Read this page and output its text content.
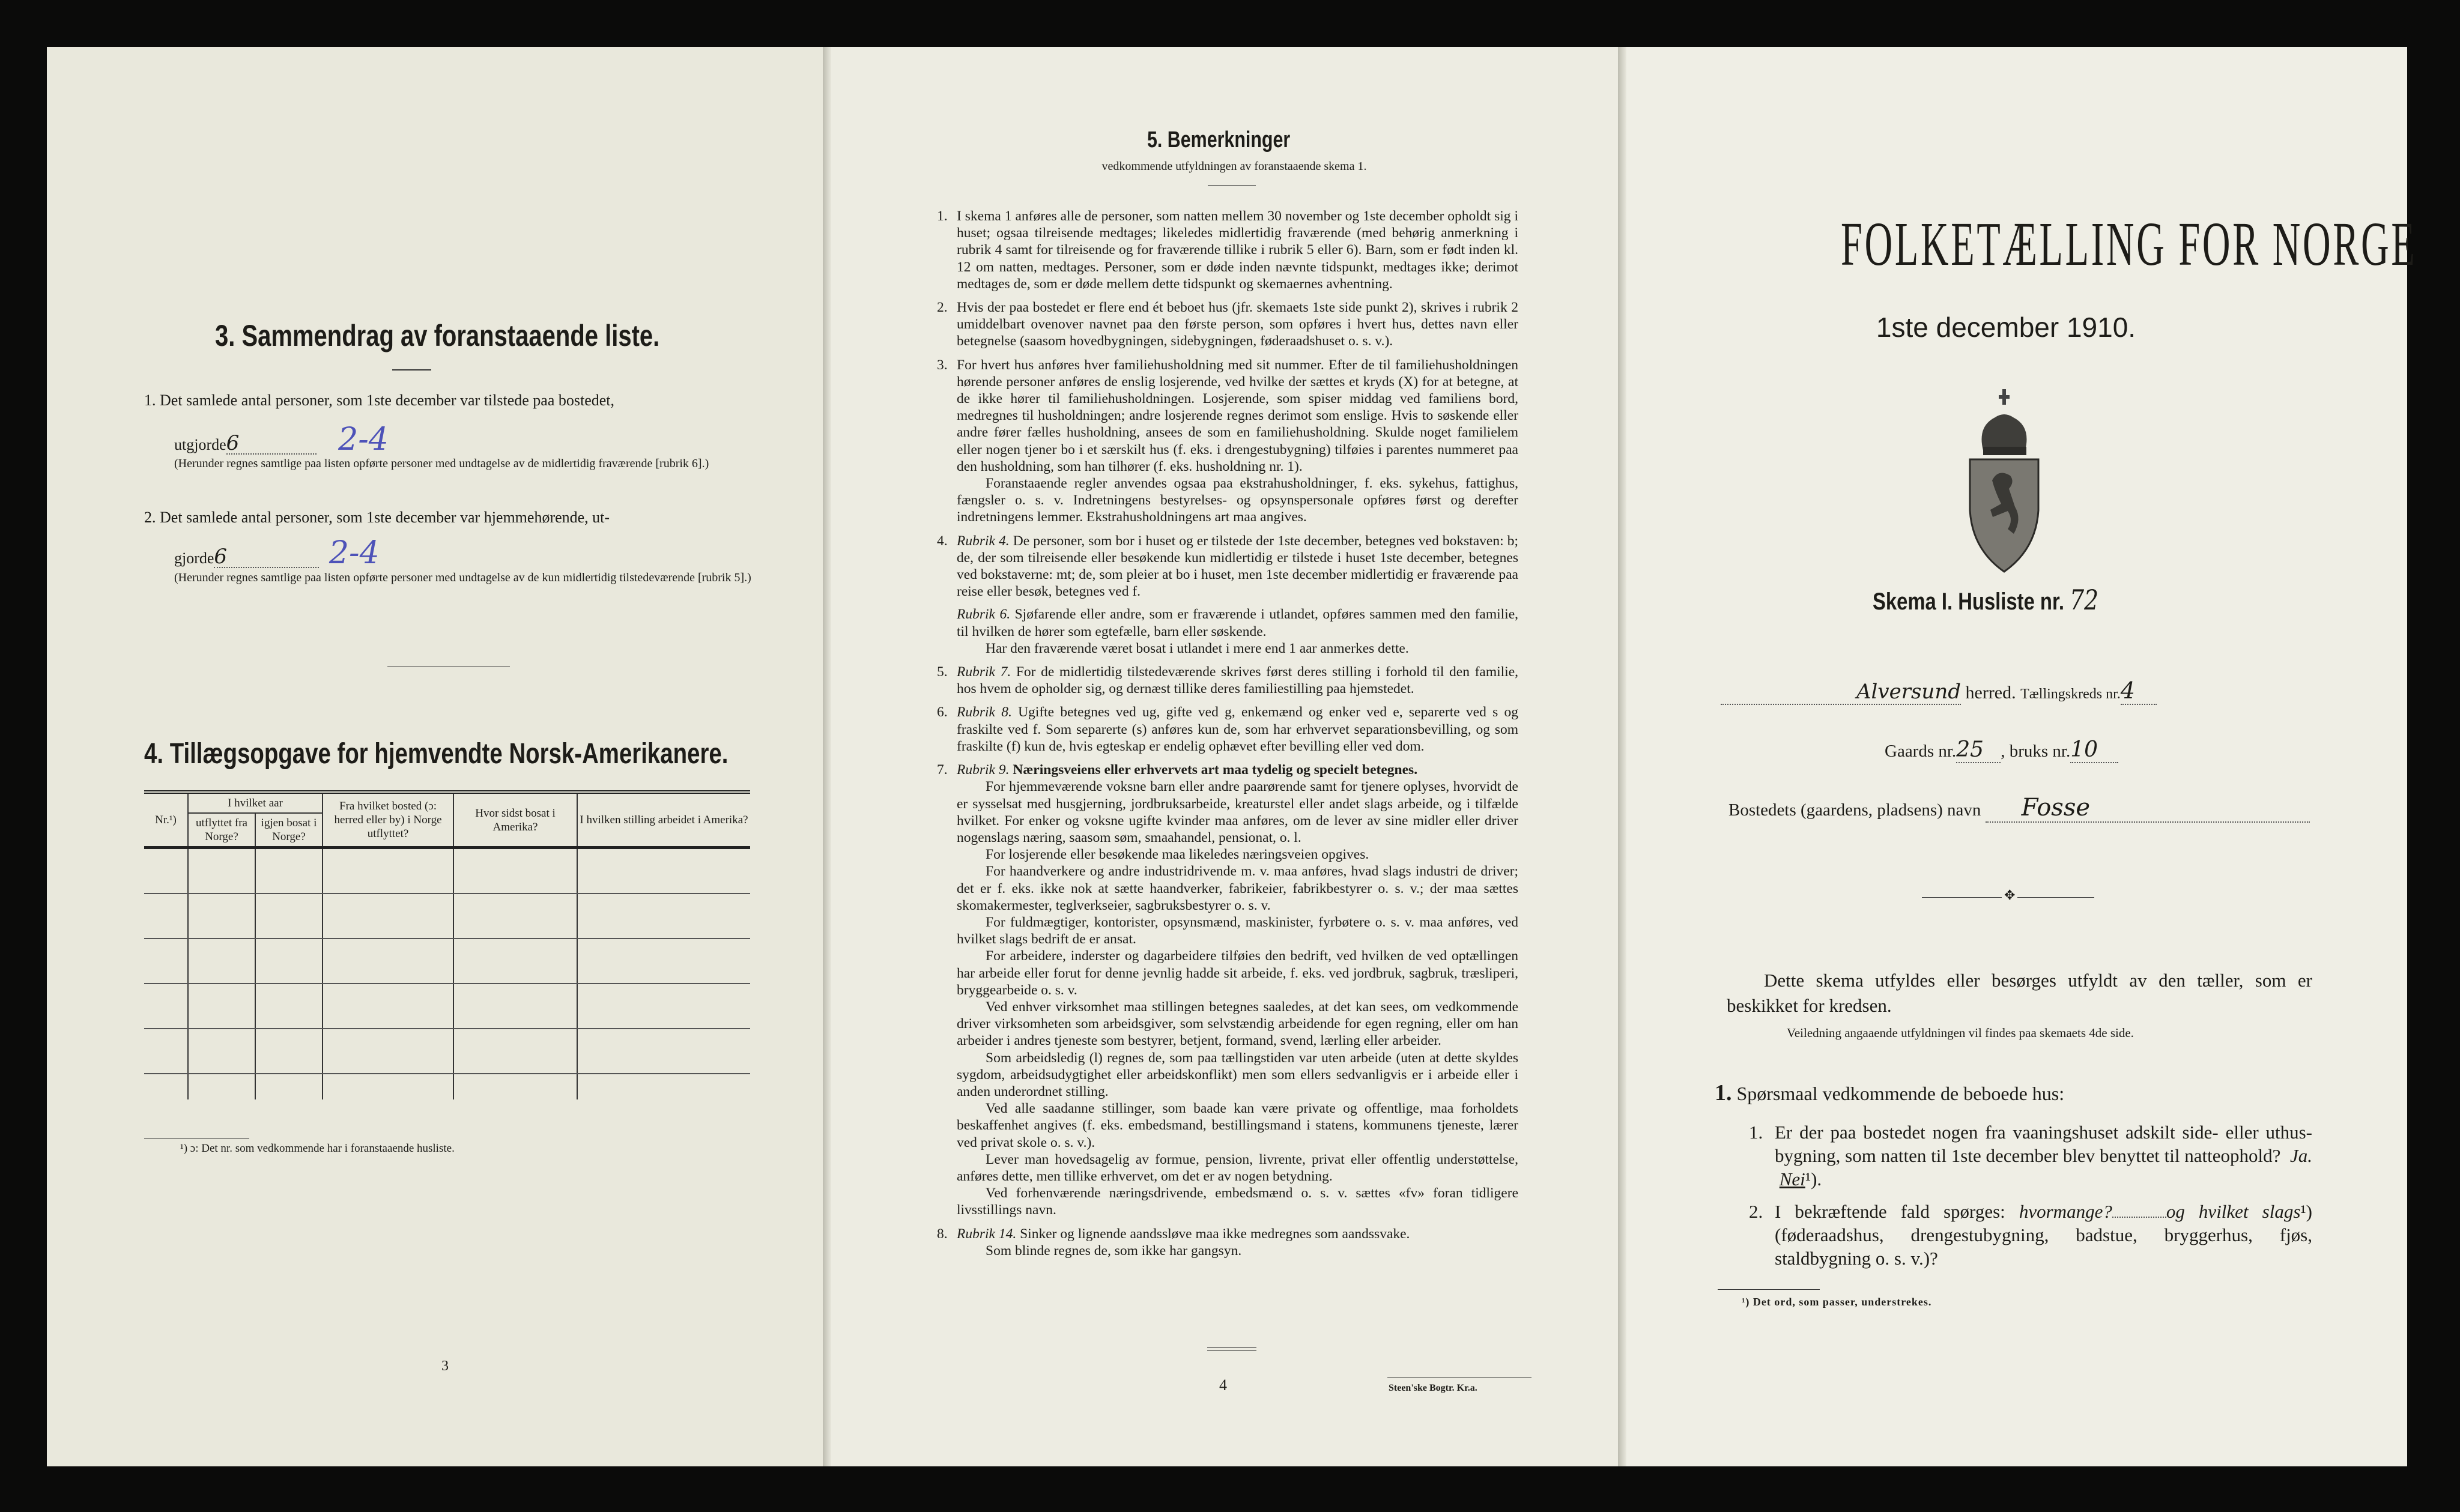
3. Sammendrag av foranstaaende liste.
1. Det samlede antal personer, som 1ste december var tilstede paa bostedet,
utgjorde6	2-4
(Herunder regnes samtlige paa listen opførte personer med undtagelse av de midlertidig fraværende [rubrik 6].)
2. Det samlede antal personer, som 1ste december var hjemmehørende, ut-
gjorde6	2-4
(Herunder regnes samtlige paa listen opførte personer med undtagelse av de kun midlertidig tilstedeværende [rubrik 5].)
4. Tillægsopgave for hjemvendte Norsk-Amerikanere.
Nr.¹)	I hvilket aar		Fra hvilket bosted (ɔ: herred eller by) i Norge utflyttet?	Hvor sidst bosat i Amerika?	I hvilken stilling arbeidet i Amerika?
	utflyttet fra Norge?	igjen bosat i Norge?			

¹) ɔ: Det nr. som vedkommende har i foranstaaende husliste.
3
5. Bemerkninger
vedkommende utfyldningen av foranstaaende skema 1.
1. I skema 1 anføres alle de personer, som natten mellem 30 november og 1ste december opholdt sig i huset; ogsaa tilreisende medtages; likeledes midlertidig fraværende (med behørig anmerkning i rubrik 4 samt for tilreisende og for fraværende tillike i rubrik 5 eller 6). Barn, som er født inden kl. 12 om natten, medtages. Personer, som er døde inden nævnte tidspunkt, medtages ikke; derimot medtages de, som er døde mellem dette tidspunkt og skemaernes avhentning.

2. Hvis der paa bostedet er flere end ét beboet hus (jfr. skemaets 1ste side punkt 2), skrives i rubrik 2 umiddelbart ovenover navnet paa den første person, som opføres i hvert hus, dettes navn eller betegnelse (saasom hovedbygningen, sidebygningen, føderaadshuset o. s. v.).

3. For hvert hus anføres hver familiehusholdning med sit nummer. Efter de til familiehusholdningen hørende personer anføres de enslig losjerende, ved hvilke der sættes et kryds (X) for at betegne, at de ikke hører til familiehusholdningen. Losjerende, som spiser middag ved familiens bord, medregnes til husholdningen; andre losjerende regnes derimot som enslige. Hvis to søskende eller andre fører fælles husholdning, ansees de som en familiehusholdning. Skulde noget familielem eller nogen tjener bo i et særskilt hus (f. eks. i drengestubygning) tilføies i parentes nummeret paa den husholdning, som han tilhører (f. eks. husholdning nr. 1).

Foranstaaende regler anvendes ogsaa paa ekstrahusholdninger, f. eks. sykehus, fattighus, fængsler o. s. v. Indretningens bestyrelses- og opsynspersonale opføres først og derefter indretningens lemmer. Ekstrahusholdningens art maa angives.

4. Rubrik 4. De personer, som bor i huset og er tilstede der 1ste december, betegnes ved bokstaven: b; de, der som tilreisende eller besøkende kun midlertidig er tilstede i huset 1ste december, betegnes ved bokstaverne: mt; de, som pleier at bo i huset, men 1ste december midlertidig er fraværende paa reise eller besøk, betegnes ved f.

Rubrik 6. Sjøfarende eller andre, som er fraværende i utlandet, opføres sammen med den familie, til hvilken de hører som egtefælle, barn eller søskende.

Har den fraværende været bosat i utlandet i mere end 1 aar anmerkes dette.

5. Rubrik 7. For de midlertidig tilstedeværende skrives først deres stilling i forhold til den familie, hos hvem de opholder sig, og dernæst tillike deres familiestilling paa hjemstedet.

6. Rubrik 8. Ugifte betegnes ved ug, gifte ved g, enkemænd og enker ved e, separerte ved s og fraskilte ved f. Som separerte (s) anføres kun de, som har erhvervet separationsbevilling, og som fraskilte (f) kun de, hvis egteskap er endelig ophævet efter bevilling eller ved dom.

7. Rubrik 9. Næringsveiens eller erhvervets art maa tydelig og specielt betegnes.

For hjemmeværende voksne barn eller andre paarørende samt for tjenere oplyses, hvorvidt de er sysselsat med husgjerning, jordbruksarbeide, kreaturstel eller andet slags arbeide, og i tilfælde hvilket. For enker og voksne ugifte kvinder maa anføres, om de lever av sine midler eller driver nogenslags næring, saasom søm, smaahandel, pensionat, o. l.

For losjerende eller besøkende maa likeledes næringsveien opgives.

For haandverkere og andre industridrivende m. v. maa anføres, hvad slags industri de driver; det er f. eks. ikke nok at sætte haandverker, fabrikeier, fabrikbestyrer o. s. v.; der maa sættes skomakermester, teglverkseier, sagbruksbestyrer o. s. v.

For fuldmægtiger, kontorister, opsynsmænd, maskinister, fyrbøtere o. s. v. maa anføres, ved hvilket slags bedrift de er ansat.

For arbeidere, inderster og dagarbeidere tilføies den bedrift, ved hvilken de ved optællingen har arbeide eller forut for denne jevnlig hadde sit arbeide, f. eks. ved jordbruk, sagbruk, træsliperi, bryggearbeide o. s. v.

Ved enhver virksomhet maa stillingen betegnes saaledes, at det kan sees, om vedkommende driver virksomheten som arbeidsgiver, som selvstændig arbeidende for egen regning, eller om han arbeider i andres tjeneste som bestyrer, betjent, formand, svend, lærling eller arbeider.

Som arbeidsledig (l) regnes de, som paa tællingstiden var uten arbeide (uten at dette skyldes sygdom, arbeidsudygtighet eller arbeidskonflikt) men som ellers sedvanligvis er i arbeide eller i anden underordnet stilling.

Ved alle saadanne stillinger, som baade kan være private og offentlige, maa forholdets beskaffenhet angives (f. eks. embedsmand, bestillingsmand i statens, kommunens tjeneste, lærer ved privat skole o. s. v.).

Lever man hovedsagelig av formue, pension, livrente, privat eller offentlig understøttelse, anføres dette, men tillike erhvervet, om det er av nogen betydning.

Ved forhenværende næringsdrivende, embedsmænd o. s. v. sættes «fv» foran tidligere livsstillings navn.

8. Rubrik 14. Sinker og lignende aandssløve maa ikke medregnes som aandssvake.

Som blinde regnes de, som ikke har gangsyn.

4	Steen'ske Bogtr. Kr.a.
FOLKETÆLLING FOR NORGE
1ste december 1910.
Skema I. Husliste nr. 72
Alversund herred. Tællingskreds nr.4
Gaards nr.25 , bruks nr.10
Bostedets (gaardens, pladsens) navn Fosse
✥
Dette skema utfyldes eller besørges utfyldt av den tæller, som er beskikket for kredsen.
Veiledning angaaende utfyldningen vil findes paa skemaets 4de side.
1. Spørsmaal vedkommende de beboede hus:
1. Er der paa bostedet nogen fra vaaningshuset adskilt side- eller uthus-bygning, som natten til 1ste december blev benyttet til natteophold? Ja.  Nei¹).
2. I bekræftende fald spørges: hvormange?	og hvilket slags¹) (føderaadshus, drengestubygning, badstue, bryggerhus, fjøs, staldbygning o. s. v.)?
¹) Det ord, som passer, understrekes.
